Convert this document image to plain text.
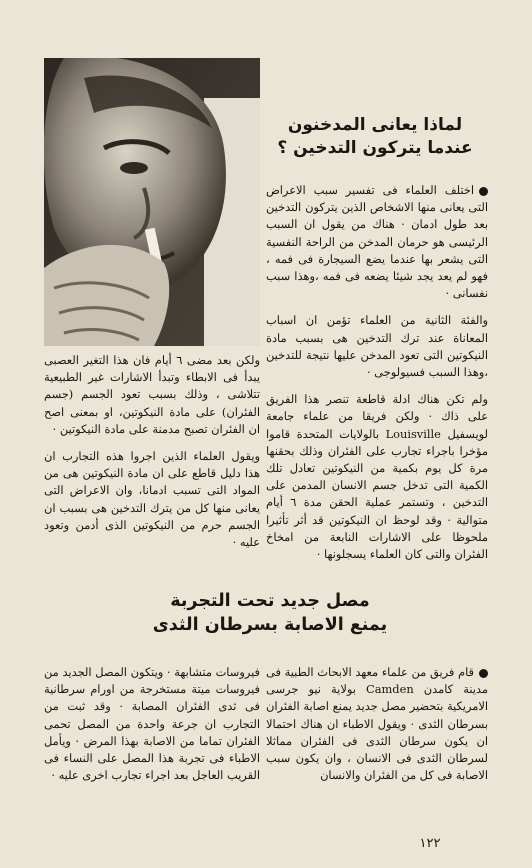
لماذا يعانى المدخنون
عندما يتركون التدخين ؟

اختلف العلماء فى تفسير سبب الاعراض التى يعانى منها الاشخاص الذين يتركون التدخين بعد طول ادمان · هناك من يقول ان السبب الرئيسى هو حرمان المدخن من الراحة النفسية التى يشعر بها عندما يضع السيجارة فى فمه ، فهو لم يعد يجد شيئا يضعه فى فمه ،وهذا سبب نفسانى ·

والفئة الثانية من العلماء تؤمن ان اسباب المعاناة عند ترك التدخين هى بسبب مادة النيكوتين التى تعود المدخن عليها نتيجة للتدخين ،وهذا السبب فسيولوجى ·

ولم تكن هناك ادلة قاطعة تنصر هذا الفريق على ذاك · ولكن فريقا من علماء جامعة لويسفيل Louisville بالولايات المتحدة قاموا مؤخرا باجراء تجارب على الفئران وذلك بحقنها مرة كل يوم بكمية من النيكوتين تعادل تلك الكمية التى تدخل جسم الانسان المدمن على التدخين ، وتستمر عملية الحقن مدة ٦ أيام متوالية · وقد لوحظ ان النيكوتين قد أثر تأثيرا ملحوظا على الاشارات النابعة من امخاخ الفئران والتى كان العلماء يسجلونها ·

ولكن بعد مضى ٦ أيام فان هذا التغير العصبى يبدأ فى الابطاء وتبدأ الاشارات غير الطبيعية تتلاشى ، وذلك بسبب تعود الجسم (جسم الفئران) على مادة النيكوتين، او بمعنى اصح ان الفئران تصبح مدمنة على مادة النيكوتين ·

ويقول العلماء الذين اجروا هذه التجارب ان هذا دليل قاطع على ان مادة النيكوتين هى من المواد التى تسبب ادمانا، وان الاعراض التى يعانى منها كل من يترك التدخين هى بسبب ان الجسم حرم من النيكوتين الذى أدمن وتعود عليه ·

مصل جديد تحت التجربة
يمنع الاصابة بسرطان الثدى

قام فريق من علماء معهد الابحاث الطبية فى مدينة كامدن Camden بولاية نيو جرسى الامريكية بتحضير مصل جديد يمنع اصابة الفئران بسرطان الثدى · ويقول الاطباء ان هناك احتمالا ان يكون سرطان الثدى فى الفئران مماثلا لسرطان الثدى فى الانسان ، وان يكون سبب الاصابة فى كل من الفئران والانسان

فيروسات متشابهة · ويتكون المصل الجديد من فيروسات ميتة مستخرجة من اورام سرطانية فى ثدى الفئران المصابة · وقد ثبت من التجارب ان جرعة واحدة من المصل تحمى الفئران تماما من الاصابة بهذا المرض · ويأمل الاطباء فى تجربة هذا المصل على النساء فى القريب العاجل بعد اجراء تجارب اخرى عليه ·

١٢٢
